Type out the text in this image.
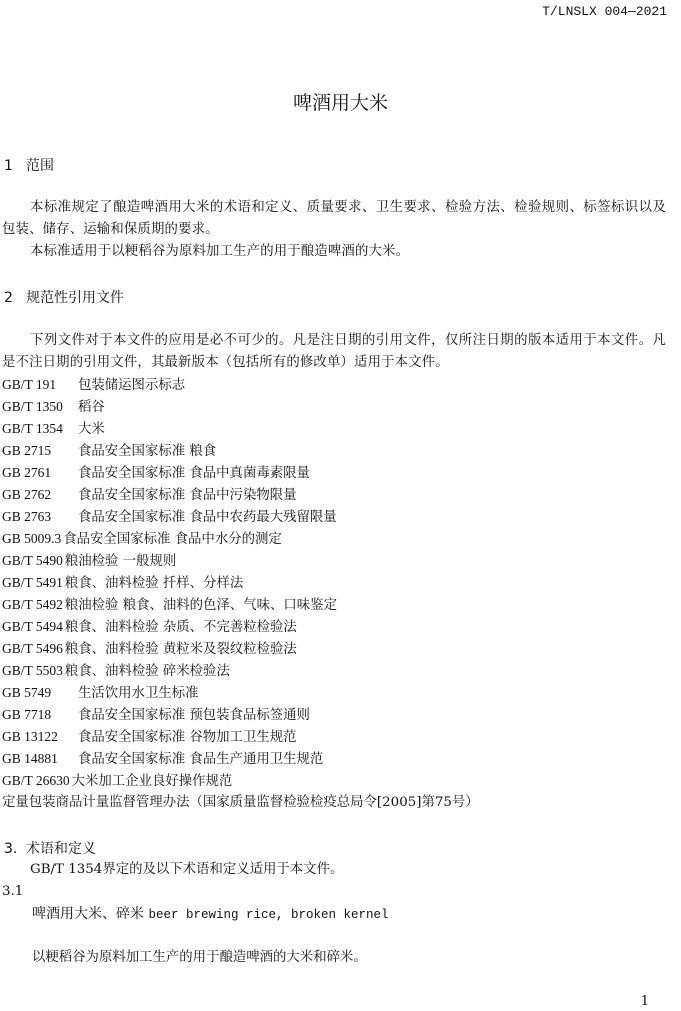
T/LNSLX 004—2021
啤酒用大米
1 范围
本标准规定了酿造啤酒用大米的术语和定义、质量要求、卫生要求、检验方法、检验规则、标签标识以及包装、储存、运输和保质期的要求。
本标准适用于以粳稻谷为原料加工生产的用于酿造啤酒的大米。
2 规范性引用文件
下列文件对于本文件的应用是必不可少的。凡是注日期的引用文件，仅所注日期的版本适用于本文件。凡是不注日期的引用文件，其最新版本（包括所有的修改单）适用于本文件。
GB/T 191 包装储运图示标志
GB/T 1350 稻谷
GB/T 1354 大米
GB 2715 食品安全国家标准 粮食
GB 2761 食品安全国家标准 食品中真菌毒素限量
GB 2762 食品安全国家标准 食品中污染物限量
GB 2763 食品安全国家标准 食品中农药最大残留限量
GB 5009.3 食品安全国家标准 食品中水分的测定
GB/T 5490 粮油检验 一般规则
GB/T 5491 粮食、油料检验 扦样、分样法
GB/T 5492 粮油检验 粮食、油料的色泽、气味、口味鉴定
GB/T 5494 粮食、油料检验 杂质、不完善粒检验法
GB/T 5496 粮食、油料检验 黄粒米及裂纹粒检验法
GB/T 5503 粮食、油料检验 碎米检验法
GB 5749 生活饮用水卫生标准
GB 7718 食品安全国家标准 预包装食品标签通则
GB 13122 食品安全国家标准 谷物加工卫生规范
GB 14881 食品安全国家标准 食品生产通用卫生规范
GB/T 26630 大米加工企业良好操作规范
定量包装商品计量监督管理办法（国家质量监督检验检疫总局令[2005]第75号）
3. 术语和定义
GB/T 1354界定的及以下术语和定义适用于本文件。
3.1
啤酒用大米、碎米 beer brewing rice, broken kernel
以粳稻谷为原料加工生产的用于酿造啤酒的大米和碎米。
1
